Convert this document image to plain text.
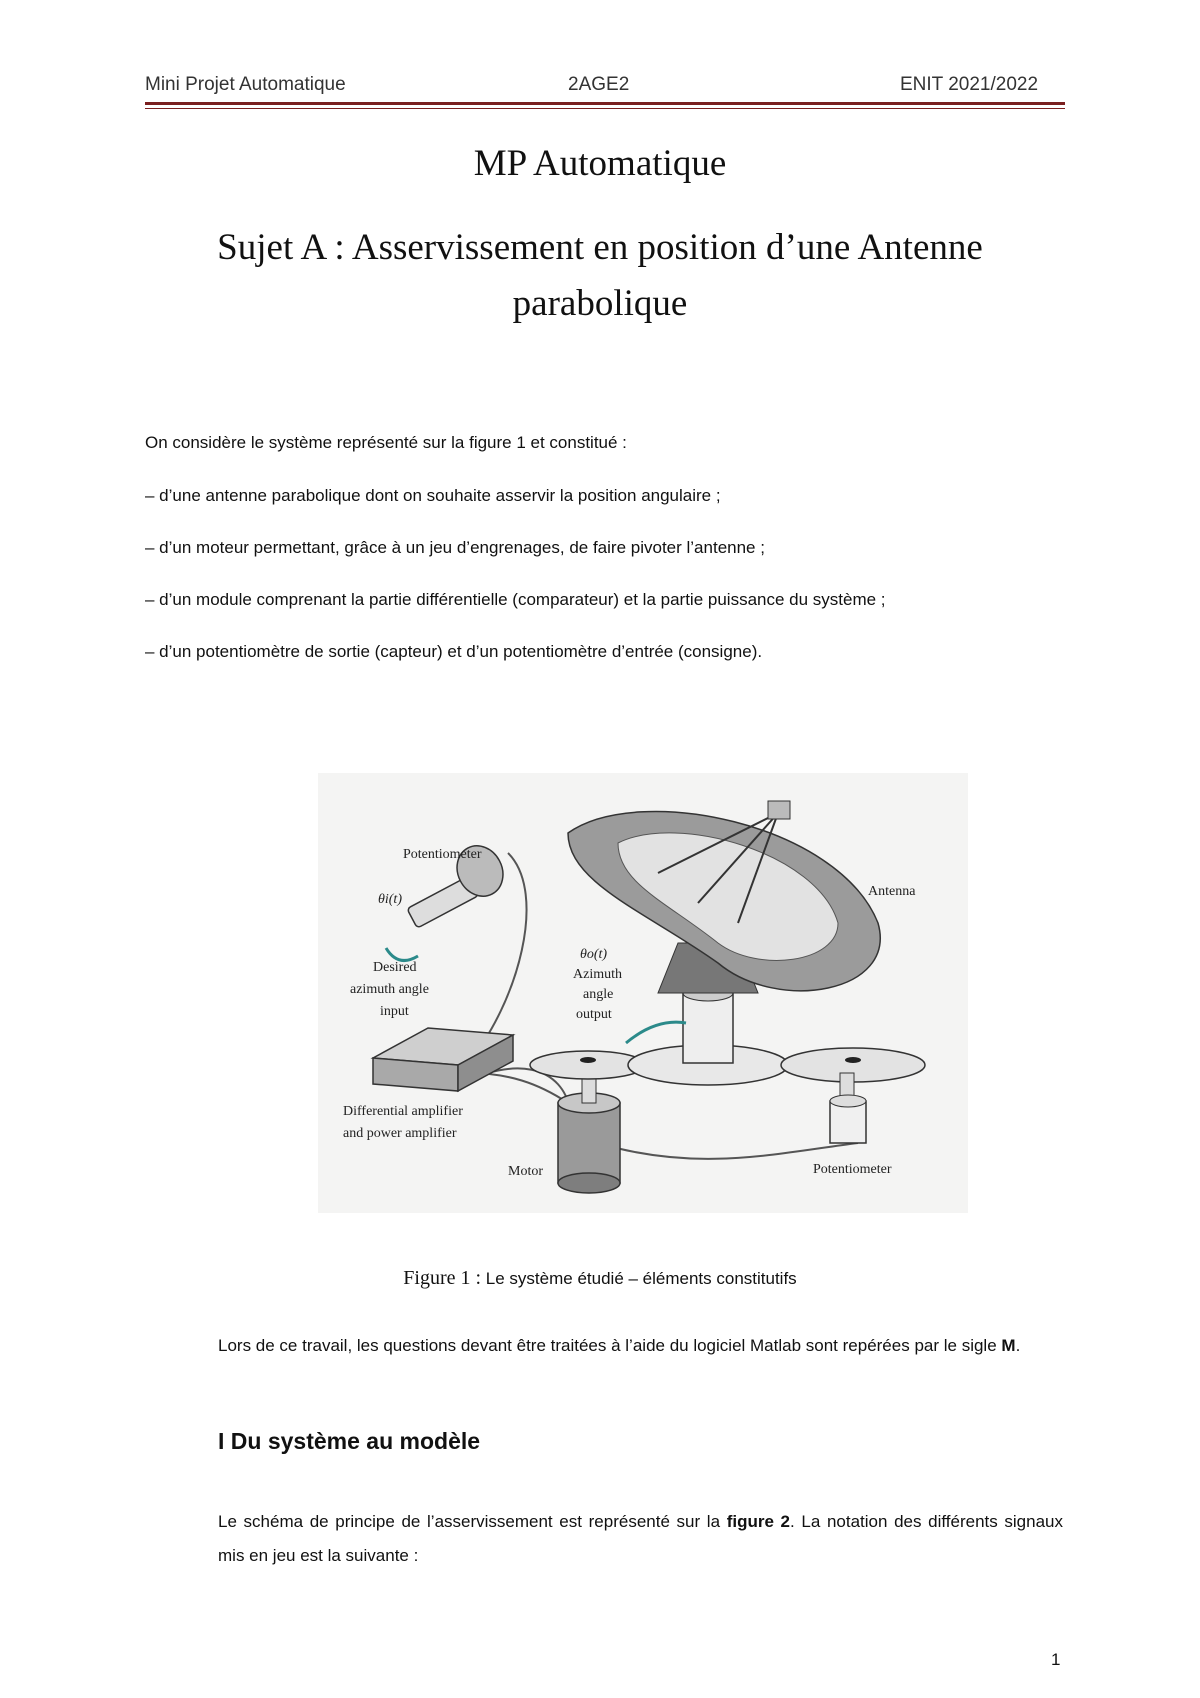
Mini Projet Automatique	2AGE2	ENIT 2021/2022
MP Automatique
Sujet A : Asservissement en position d’une Antenne parabolique

On considère le système représenté sur la figure 1 et constitué :

– d’une antenne parabolique dont on souhaite asservir la position angulaire ;

– d’un moteur permettant, grâce à un jeu d’engrenages, de faire pivoter l’antenne ;

– d’un module comprenant la partie différentielle (comparateur) et la partie puissance du système ;

– d’un potentiomètre de sortie (capteur) et d’un potentiomètre d’entrée (consigne).

Potentiometer
θi(t)
Desired
azimuth angle
input
θo(t)
Azimuth
angle
output
Antenna
Differential amplifier
and power amplifier
Motor	Potentiometer
Figure 1 : Le système étudié – éléments constitutifs

Lors de ce travail, les questions devant être traitées à l’aide du logiciel Matlab sont repérées par le sigle M.

I Du système au modèle

Le schéma de principe de l’asservissement est représenté sur la figure 2. La notation des différents signaux mis en jeu est la suivante :

1
